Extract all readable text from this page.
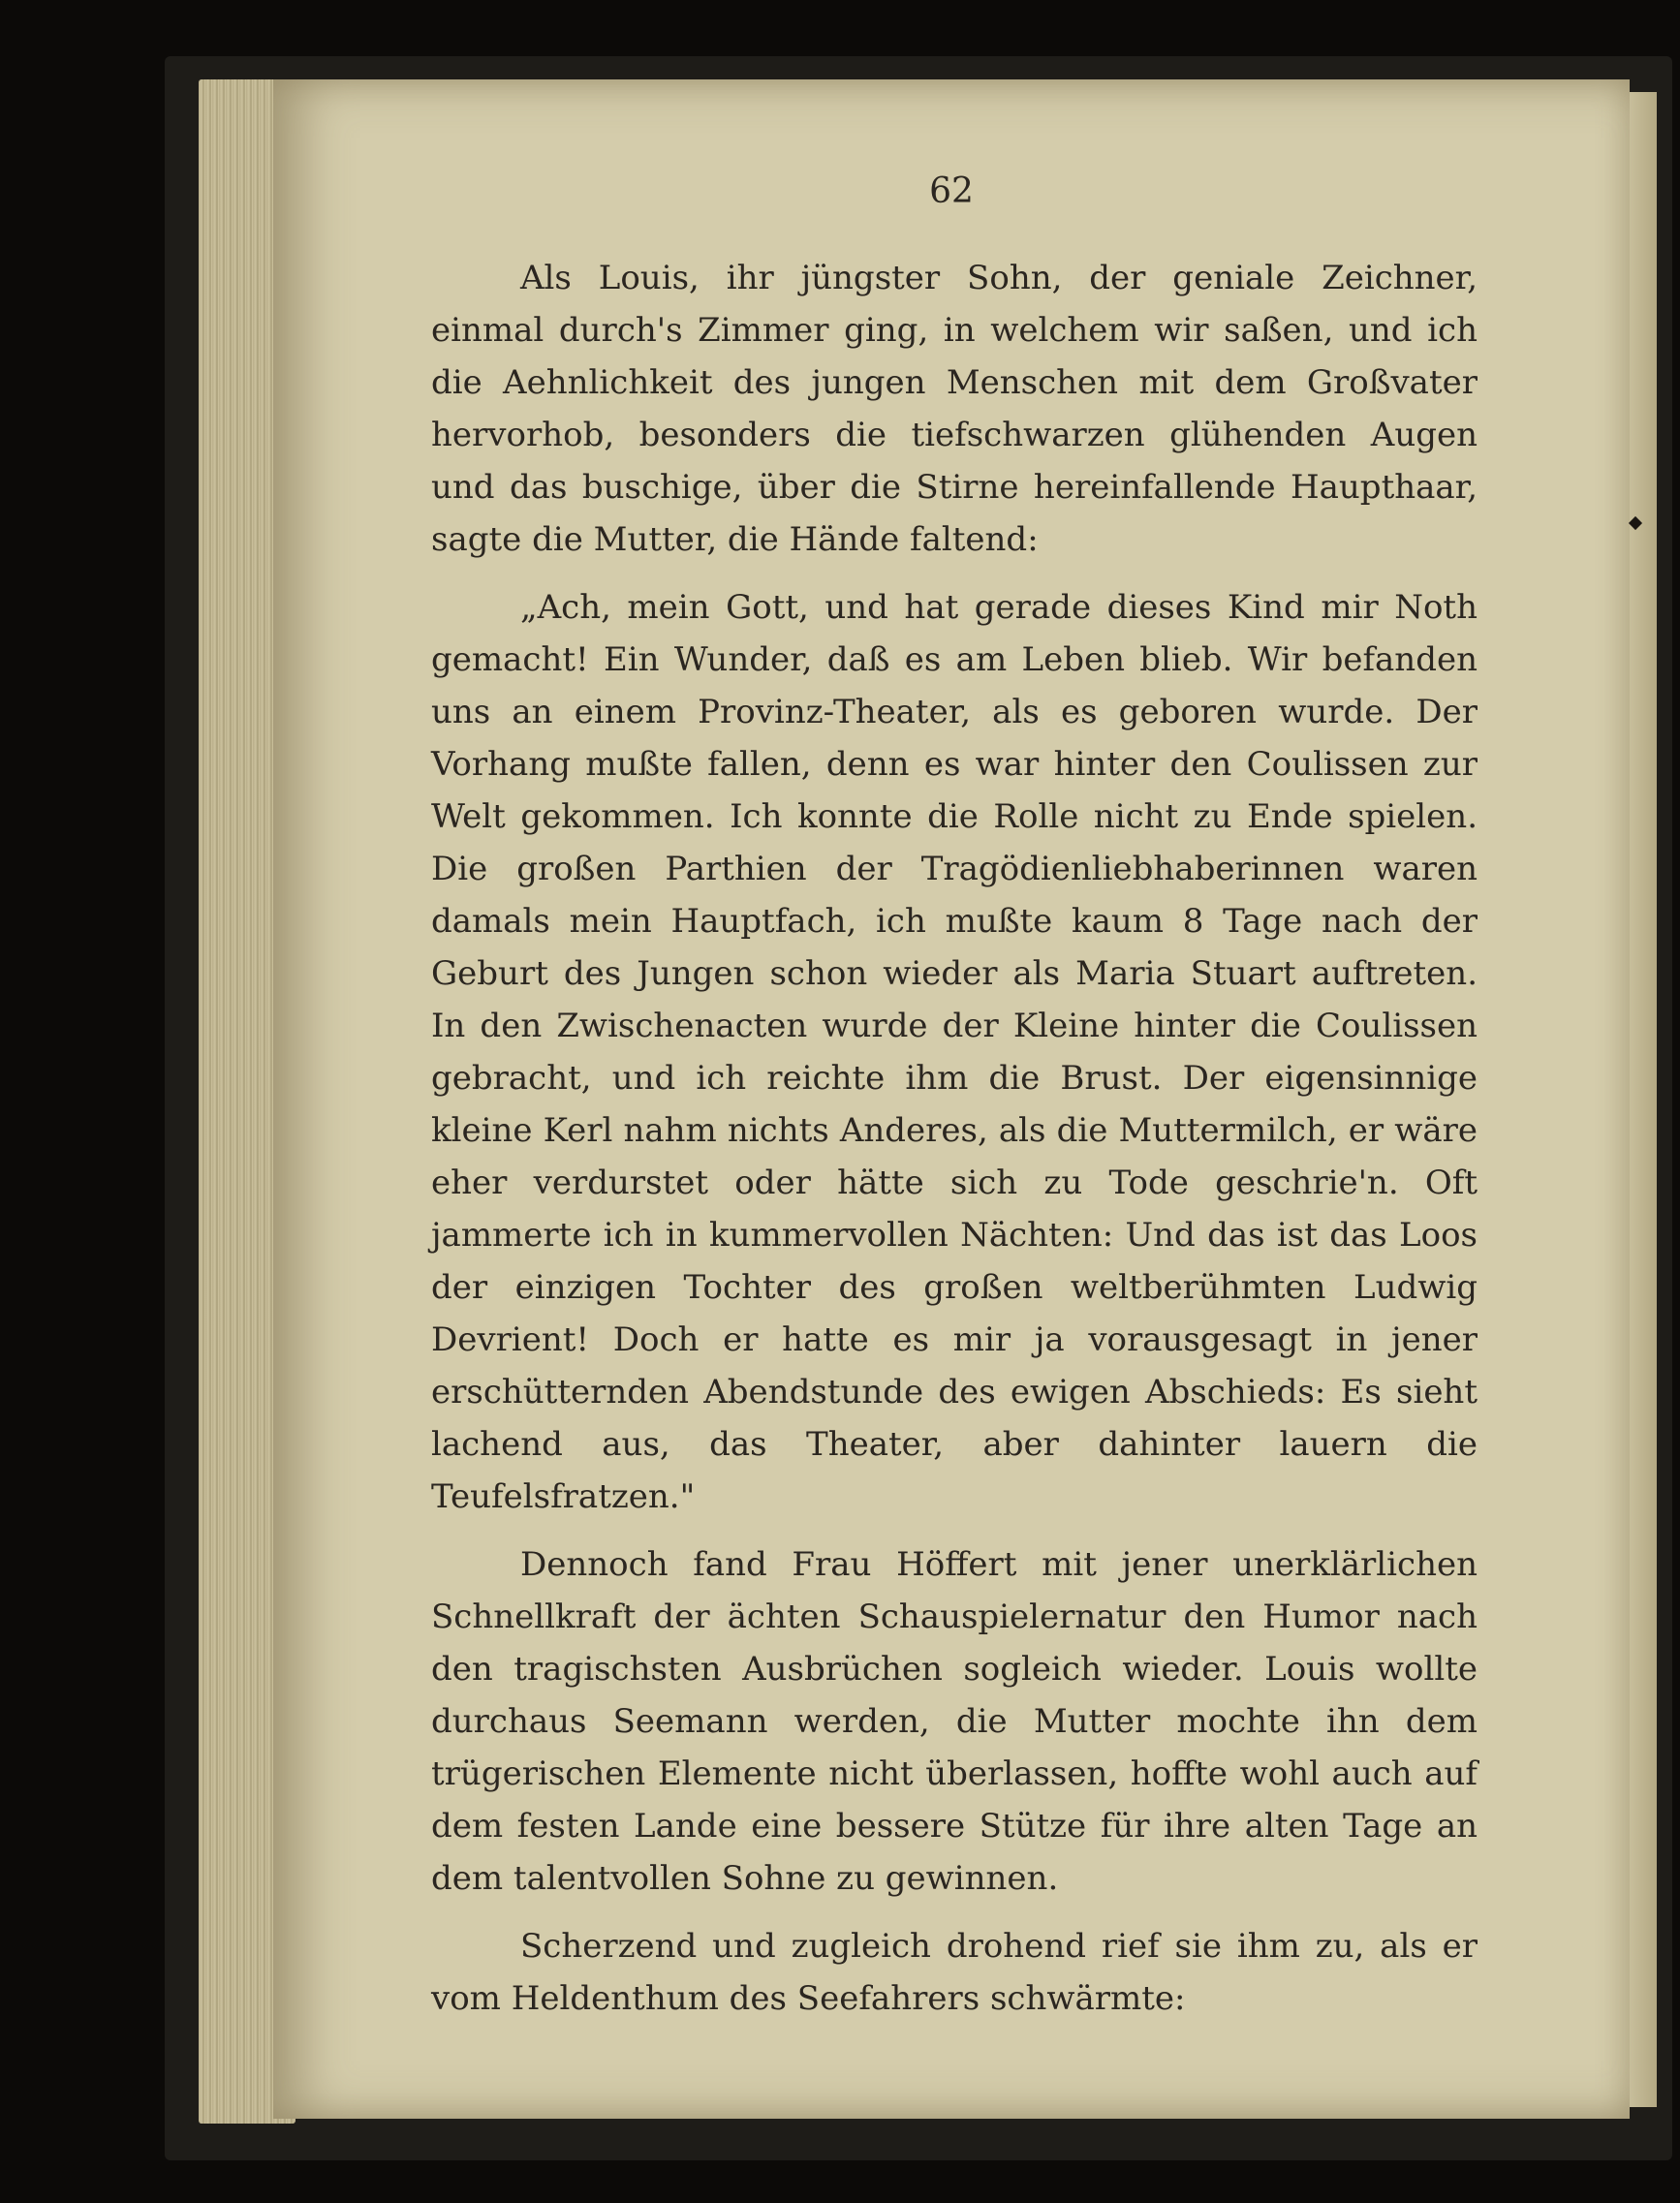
62

Als Louis, ihr jüngster Sohn, der geniale Zeichner, einmal durch's Zimmer ging, in welchem wir saßen, und ich die Aehnlichkeit des jungen Menschen mit dem Großvater hervorhob, besonders die tiefschwarzen glühenden Augen und das buschige, über die Stirne hereinfallende Haupthaar, sagte die Mutter, die Hände faltend:

„Ach, mein Gott, und hat gerade dieses Kind mir Noth gemacht! Ein Wunder, daß es am Leben blieb. Wir befanden uns an einem Provinz-Theater, als es geboren wurde. Der Vorhang mußte fallen, denn es war hinter den Coulissen zur Welt gekommen. Ich konnte die Rolle nicht zu Ende spielen. Die großen Parthien der Tragödienliebhaberinnen waren damals mein Hauptfach, ich mußte kaum 8 Tage nach der Geburt des Jungen schon wieder als Maria Stuart auftreten. In den Zwischenacten wurde der Kleine hinter die Coulissen gebracht, und ich reichte ihm die Brust. Der eigensinnige kleine Kerl nahm nichts Anderes, als die Muttermilch, er wäre eher verdurstet oder hätte sich zu Tode geschrie'n. Oft jammerte ich in kummervollen Nächten: Und das ist das Loos der einzigen Tochter des großen weltberühmten Ludwig Devrient! Doch er hatte es mir ja vorausgesagt in jener erschütternden Abendstunde des ewigen Abschieds: Es sieht lachend aus, das Theater, aber dahinter lauern die Teufelsfratzen."

Dennoch fand Frau Höffert mit jener unerklärlichen Schnellkraft der ächten Schauspielernatur den Humor nach den tragischsten Ausbrüchen sogleich wieder. Louis wollte durchaus Seemann werden, die Mutter mochte ihn dem trügerischen Elemente nicht überlassen, hoffte wohl auch auf dem festen Lande eine bessere Stütze für ihre alten Tage an dem talentvollen Sohne zu gewinnen.

Scherzend und zugleich drohend rief sie ihm zu, als er vom Heldenthum des Seefahrers schwärmte:
